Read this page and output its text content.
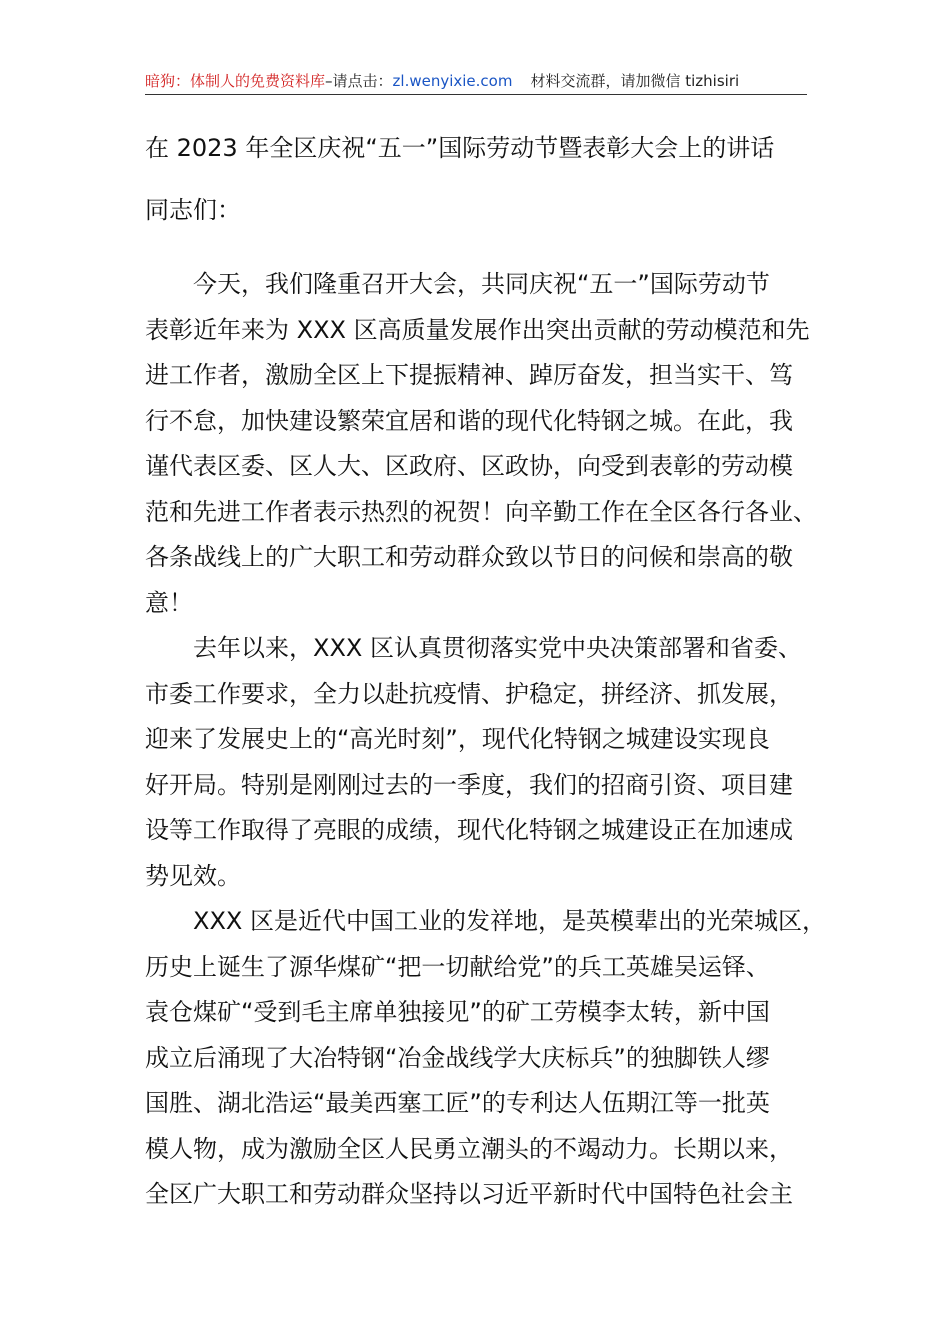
暗狗：体制人的免费资料库–请点击：zl.wenyixie.com 材料交流群，请加微信 tizhisiri
在 2023 年全区庆祝“五一”国际劳动节暨表彰大会上的讲话
同志们：
今天，我们隆重召开大会，共同庆祝“五一”国际劳动节
表彰近年来为 XXX 区高质量发展作出突出贡献的劳动模范和先
进工作者，激励全区上下提振精神、踔厉奋发，担当实干、笃
行不怠，加快建设繁荣宜居和谐的现代化特钢之城。在此，我
谨代表区委、区人大、区政府、区政协，向受到表彰的劳动模
范和先进工作者表示热烈的祝贺！向辛勤工作在全区各行各业、
各条战线上的广大职工和劳动群众致以节日的问候和崇高的敬
意！
去年以来，XXX 区认真贯彻落实党中央决策部署和省委、
市委工作要求，全力以赴抗疫情、护稳定，拼经济、抓发展，
迎来了发展史上的“高光时刻”，现代化特钢之城建设实现良
好开局。特别是刚刚过去的一季度，我们的招商引资、项目建
设等工作取得了亮眼的成绩，现代化特钢之城建设正在加速成
势见效。
XXX 区是近代中国工业的发祥地，是英模辈出的光荣城区，
历史上诞生了源华煤矿“把一切献给党”的兵工英雄吴运铎、
袁仓煤矿“受到毛主席单独接见”的矿工劳模李太转，新中国
成立后涌现了大冶特钢“冶金战线学大庆标兵”的独脚铁人缪
国胜、湖北浩运“最美西塞工匠”的专利达人伍期江等一批英
模人物，成为激励全区人民勇立潮头的不竭动力。长期以来，
全区广大职工和劳动群众坚持以习近平新时代中国特色社会主
